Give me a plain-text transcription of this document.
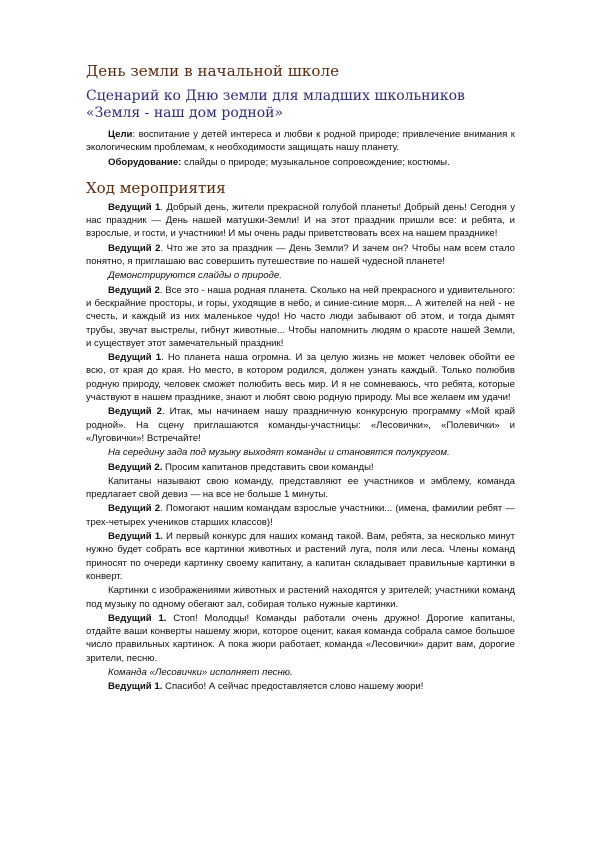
День земли в начальной школе
Сценарий ко Дню земли для младших школьников «Земля - наш дом родной»
Цели: воспитание у детей интереса и любви к родной природе; привлечение внимания к экологическим проблемам, к необходимости защищать нашу планету.
Оборудование: слайды о природе; музыкальное сопровождение; костюмы.
Ход мероприятия
Ведущий 1. Добрый день, жители прекрасной голубой планеты! Добрый день! Сегодня у нас праздник — День нашей матушки-Земли! И на этот праздник пришли все: и ребята, и взрослые, и гости, и участники! И мы очень рады приветствовать всех на нашем празднике!
Ведущий 2. Что же это за праздник — День Земли? И зачем он? Чтобы нам всем стало понятно, я приглашаю вас совершить путешествие по нашей чудесной планете!
Демонстрируются слайды о природе.
Ведущий 2. Все это - наша родная планета. Сколько на ней прекрасного и удивительного: и бескрайние просторы, и горы, уходящие в небо, и синие-синие моря... А жителей на ней - не счесть, и каждый из них маленькое чудо! Но часто люди забывают об этом, и тогда дымят трубы, звучат выстрелы, гибнут животные... Чтобы напомнить людям о красоте нашей Земли, и существует этот замечательный праздник!
Ведущий 1. Но планета наша огромна. И за целую жизнь не может человек обойти ее всю, от края до края. Но место, в котором родился, должен узнать каждый. Только полюбив родную природу, человек сможет полюбить весь мир. И я не сомневаюсь, что ребята, которые участвуют в нашем празднике, знают и любят свою родную природу. Мы все желаем им удачи!
Ведущий 2. Итак, мы начинаем нашу праздничную конкурсную программу «Мой край родной». На сцену приглашаются команды-участницы: «Лесовички», «Полевички» и «Луговички»! Встречайте!
На середину зада под музыку выходят команды и становятся полукругом.
Ведущий 2. Просим капитанов представить свои команды!
Капитаны называют свою команду, представляют ее участников и эмблему, команда предлагает свой девиз — на все не больше 1 минуты.
Ведущий 2. Помогают нашим командам взрослые участники... (имена, фамилии ребят — трех-четырех учеников старших классов)!
Ведущий 1. И первый конкурс для наших команд такой. Вам, ребята, за несколько минут нужно будет собрать все картинки животных и растений луга, поля или леса. Члены команд приносят по очереди картинку своему капитану, а капитан складывает правильные картинки в конверт.
Картинки с изображениями животных и растений находятся у зрителей; участники команд под музыку по одному обегают зал, собирая только нужные картинки.
Ведущий 1. Стоп! Молодцы! Команды работали очень дружно! Дорогие капитаны, отдайте ваши конверты нашему жюри, которое оценит, какая команда собрала самое большое число правильных картинок. А пока жюри работает, команда «Лесовички» дарит вам, дорогие зрители, песню.
Команда «Лесовички» исполняет песню.
Ведущий 1. Спасибо! А сейчас предоставляется слово нашему жюри!
